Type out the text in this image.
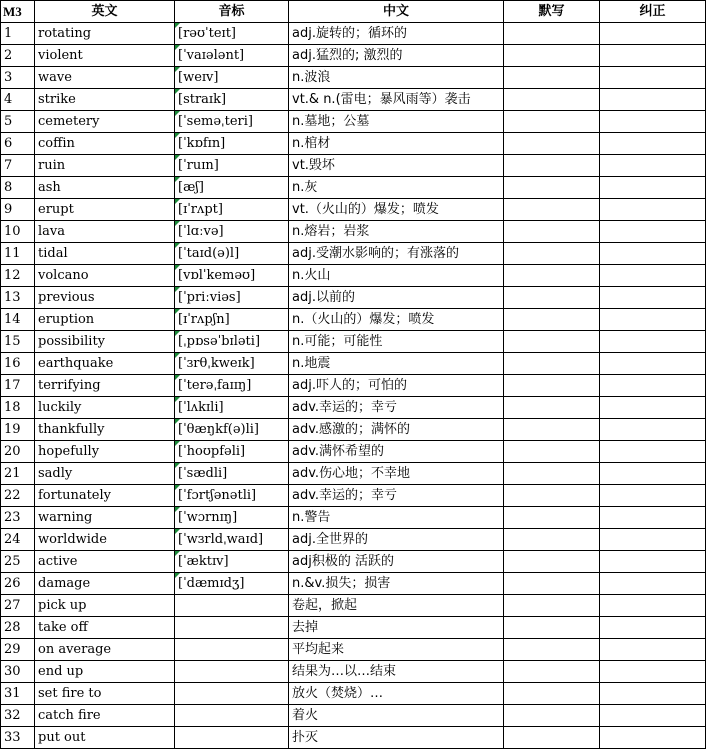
M3	英文	音标	中文	默写	纠正
1	rotating	[rəʊˈteɪt]	adj.旋转的；循环的		
2	violent	[ˈvaɪələnt]	adj.猛烈的; 激烈的		
3	wave	[weɪv]	n.波浪		
4	strike	[straɪk]	vt.& n.(雷电；暴风雨等）袭击		
5	cemetery	[ˈseməˌteri]	n.墓地；公墓		
6	coffin	[ˈkɒfɪn]	n.棺材		
7	ruin	[ˈruɪn]	vt.毁坏		
8	ash	[æʃ]	n.灰		
9	erupt	[ɪˈrʌpt]	vt.（火山的）爆发；喷发		
10	lava	[ˈlɑːvə]	n.熔岩；岩浆		
11	tidal	[ˈtaɪd(ə)l]	adj.受潮水影响的；有涨落的		
12	volcano	[vɒlˈkeməʊ]	n.火山		
13	previous	[ˈpriːviəs]	adj.以前的		
14	eruption	[ɪˈrʌpʃn]	n.（火山的）爆发；喷发		
15	possibility	[ˌpɒsəˈbɪləti]	n.可能；可能性		
16	earthquake	[ˈɜrθˌkweɪk]	n.地震		
17	terrifying	[ˈterəˌfaɪɪŋ]	adj.吓人的；可怕的		
18	luckily	[ˈlʌkɪli]	adv.幸运的；幸亏		
19	thankfully	[ˈθæŋkf(ə)li]	adv.感激的；满怀的		
20	hopefully	[ˈhoʊpfəli]	adv.满怀希望的		
21	sadly	[ˈsædli]	adv.伤心地；不幸地		
22	fortunately	[ˈfɔrtʃənətli]	adv.幸运的；幸亏		
23	warning	[ˈwɔrnɪŋ]	n.警告		
24	worldwide	[ˈwɜrldˌwaɪd]	adj.全世界的		
25	active	[ˈæktɪv]	adj积极的 活跃的		
26	damage	[ˈdæmɪdʒ]	n.&v.损失；损害		
27	pick up		卷起，掀起		
28	take off		去掉		
29	on average		平均起来		
30	end up		结果为…以…结束		
31	set fire to		放火（焚烧）…		
32	catch fire		着火		
33	put out		扑灭		
